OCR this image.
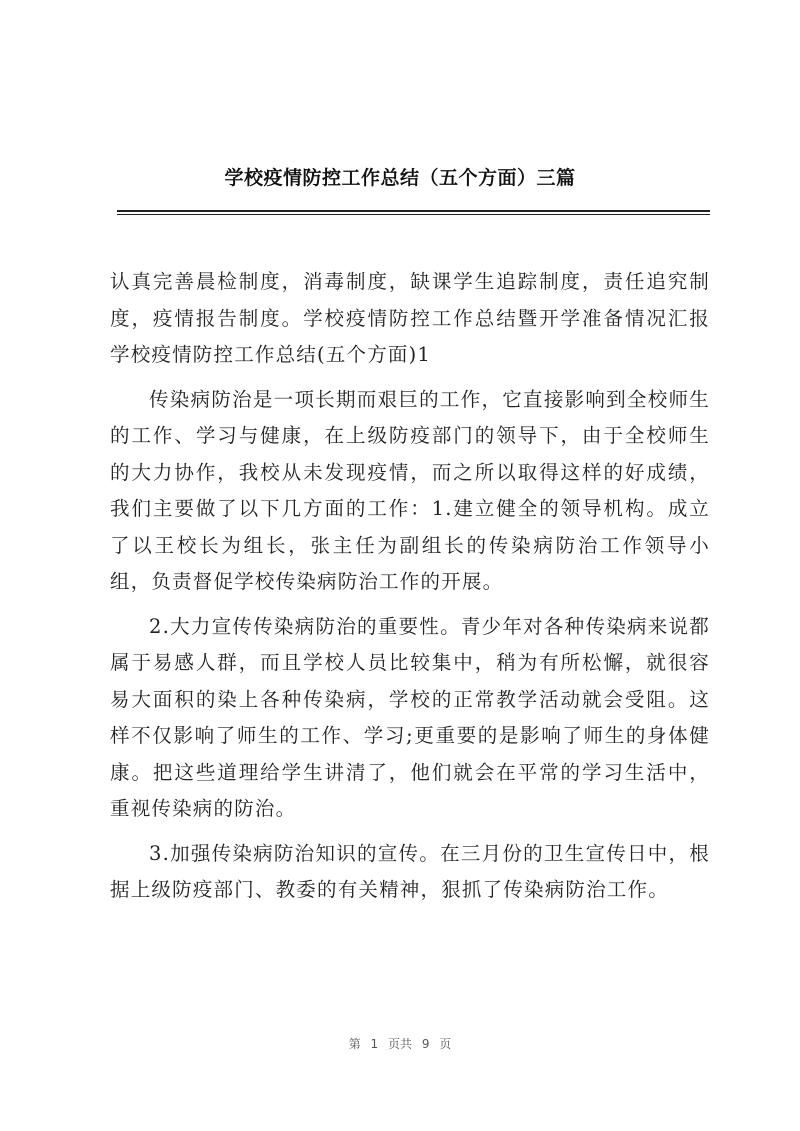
学校疫情防控工作总结（五个方面）三篇

认真完善晨检制度，消毒制度，缺课学生追踪制度，责任追究制度，疫情报告制度。学校疫情防控工作总结暨开学准备情况汇报学校疫情防控工作总结(五个方面)1

传染病防治是一项长期而艰巨的工作，它直接影响到全校师生的工作、学习与健康，在上级防疫部门的领导下，由于全校师生的大力协作，我校从未发现疫情，而之所以取得这样的好成绩，我们主要做了以下几方面的工作：1.建立健全的领导机构。成立了以王校长为组长，张主任为副组长的传染病防治工作领导小组，负责督促学校传染病防治工作的开展。

2.大力宣传传染病防治的重要性。青少年对各种传染病来说都属于易感人群，而且学校人员比较集中，稍为有所松懈，就很容易大面积的染上各种传染病，学校的正常教学活动就会受阻。这样不仅影响了师生的工作、学习;更重要的是影响了师生的身体健康。把这些道理给学生讲清了，他们就会在平常的学习生活中，重视传染病的防治。

3.加强传染病防治知识的宣传。在三月份的卫生宣传日中，根据上级防疫部门、教委的有关精神，狠抓了传染病防治工作。

第 1 页共 9 页
